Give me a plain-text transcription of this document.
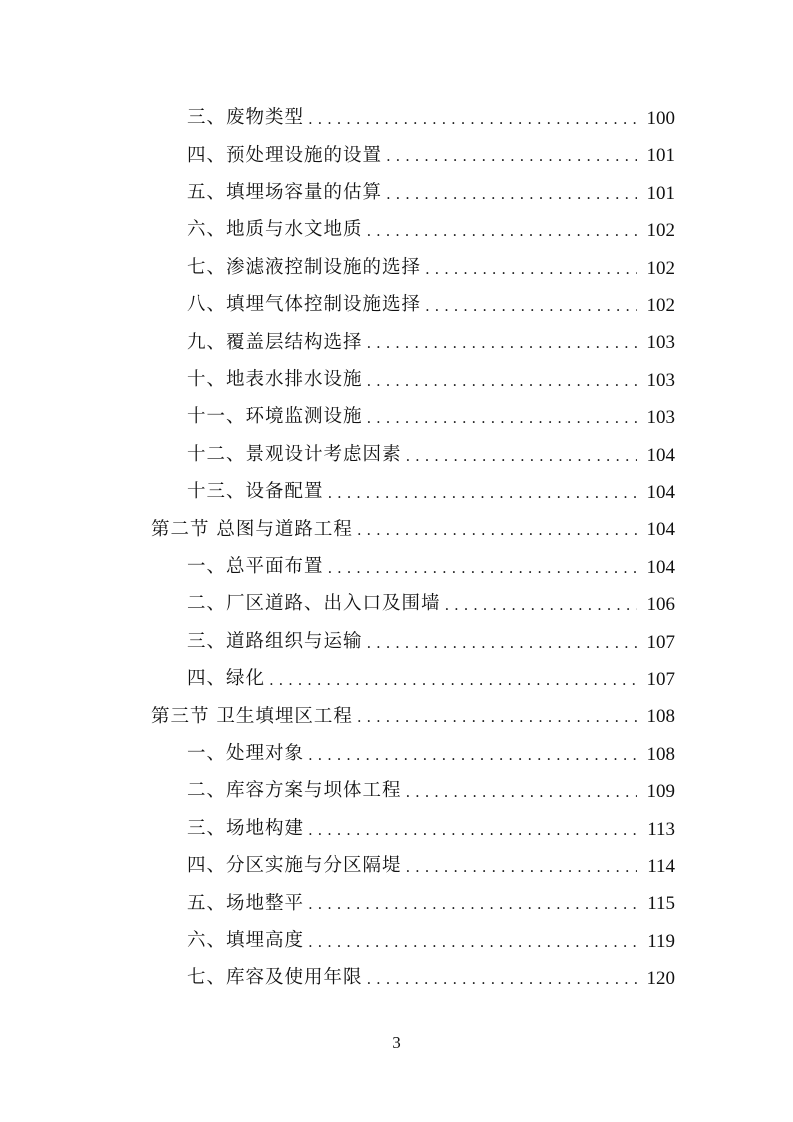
三、废物类型 . . .	100
四、预处理设施的设置 . . .	101
五、填埋场容量的估算 . . .	101
六、地质与水文地质 . . .	102
七、渗滤液控制设施的选择 . . .	102
八、填埋气体控制设施选择 . . .	102
九、覆盖层结构选择 . . .	103
十、地表水排水设施 . . .	103
十一、环境监测设施 . . .	103
十二、景观设计考虑因素 . . .	104
十三、设备配置 . . .	104
第二节 总图与道路工程 . . .	104
一、总平面布置 . . .	104
二、厂区道路、出入口及围墙 . . .	106
三、道路组织与运输 . . .	107
四、绿化 . . .	107
第三节 卫生填埋区工程 . . .	108
一、处理对象 . . .	108
二、库容方案与坝体工程 . . .	109
三、场地构建 . . .	113
四、分区实施与分区隔堤 . . .	114
五、场地整平 . . .	115
六、填埋高度 . . .	119
七、库容及使用年限 . . .	120
3
